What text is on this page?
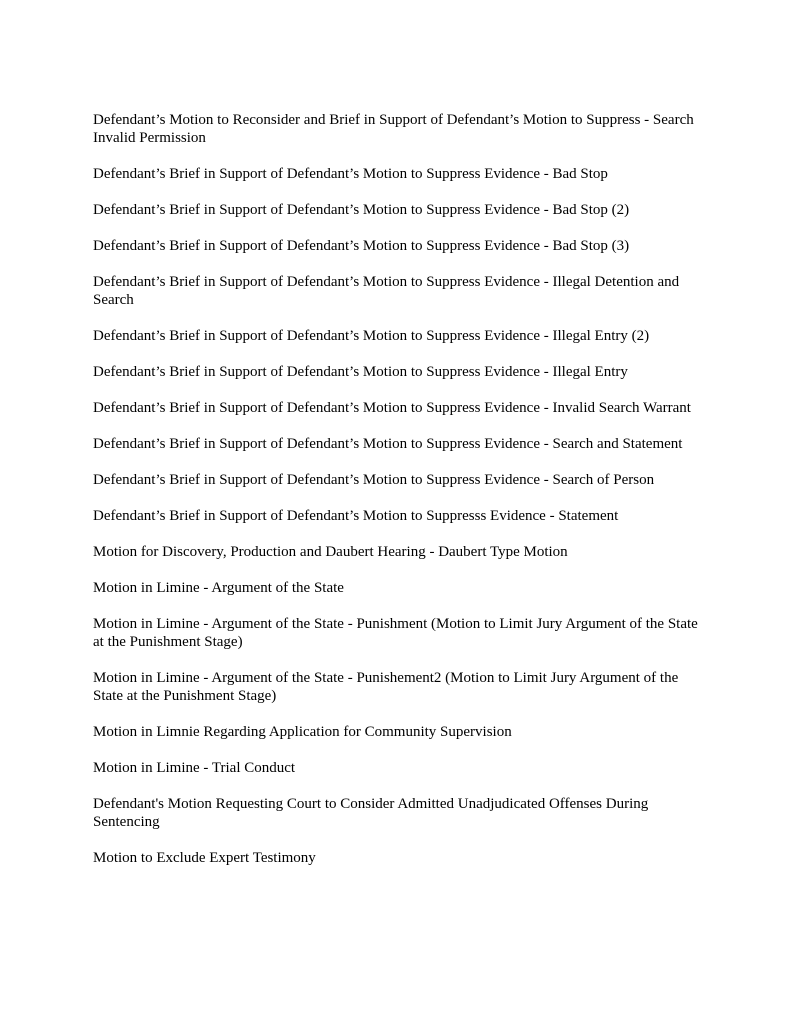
Defendant’s Motion to Reconsider and Brief in Support of Defendant’s Motion to Suppress - Search Invalid Permission
Defendant’s Brief in Support of Defendant’s Motion to Suppress Evidence - Bad Stop
Defendant’s Brief in Support of Defendant’s Motion to Suppress Evidence - Bad Stop (2)
Defendant’s Brief in Support of Defendant’s Motion to Suppress Evidence - Bad Stop (3)
Defendant’s Brief in Support of Defendant’s Motion to Suppress Evidence - Illegal Detention and Search
Defendant’s Brief in Support of Defendant’s Motion to Suppress Evidence - Illegal Entry (2)
Defendant’s Brief in Support of Defendant’s Motion to Suppress Evidence - Illegal Entry
Defendant’s Brief in Support of Defendant’s Motion to Suppress Evidence - Invalid Search Warrant
Defendant’s Brief in Support of Defendant’s Motion to Suppress Evidence - Search and Statement
Defendant’s Brief in Support of Defendant’s Motion to Suppress Evidence - Search of Person
Defendant’s Brief in Support of Defendant’s Motion to Suppresss Evidence - Statement
Motion for Discovery, Production and Daubert Hearing - Daubert Type Motion
Motion in Limine - Argument of the State
Motion in Limine - Argument of the State - Punishment (Motion to Limit Jury Argument of the State at the Punishment Stage)
Motion in Limine - Argument of the State - Punishement2 (Motion to Limit Jury Argument of the State at the Punishment Stage)
Motion in Limnie Regarding Application for Community Supervision
Motion in Limine - Trial Conduct
Defendant's Motion Requesting Court to Consider Admitted Unadjudicated Offenses During Sentencing
Motion to Exclude Expert Testimony
